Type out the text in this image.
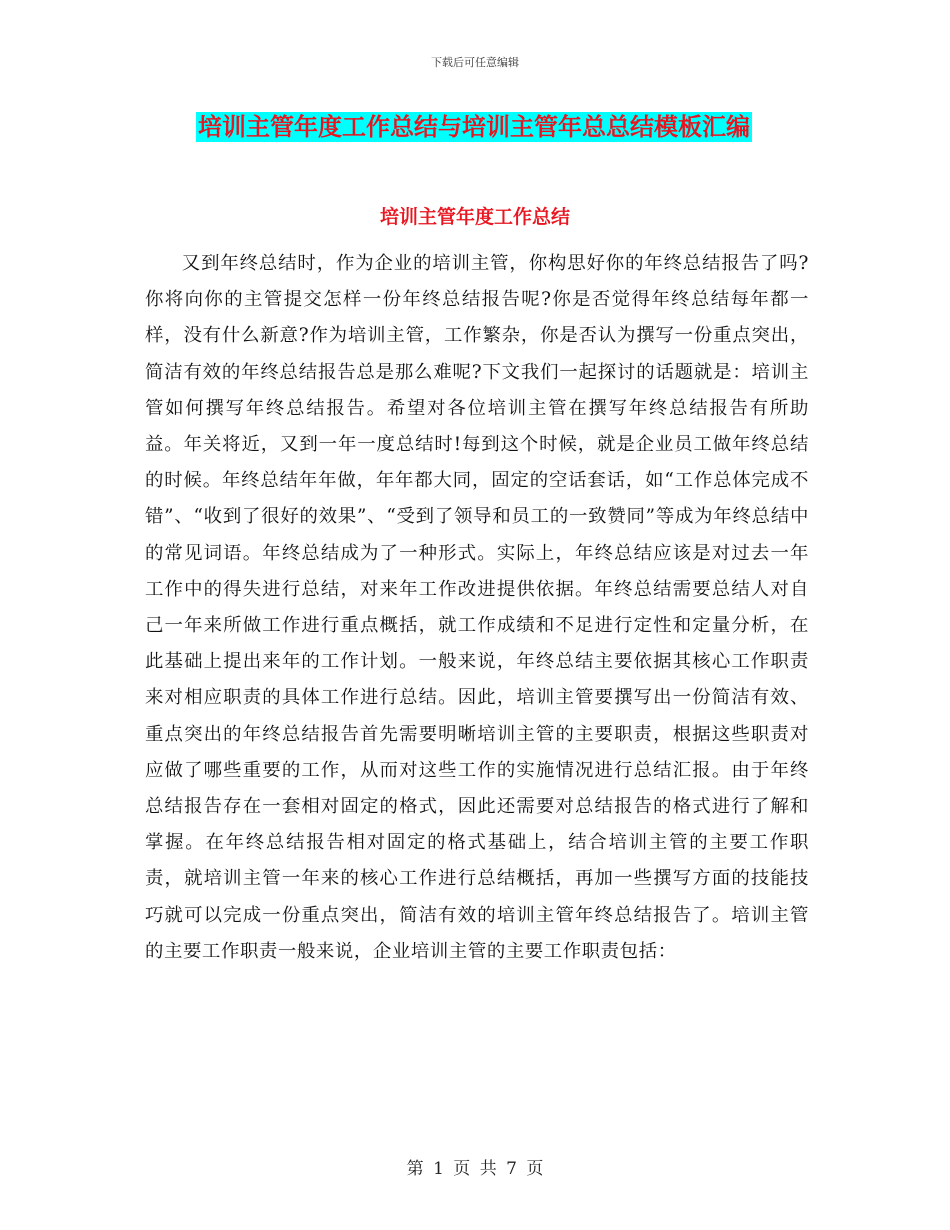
下载后可任意编辑
培训主管年度工作总结与培训主管年总总结模板汇编
培训主管年度工作总结

又到年终总结时，作为企业的培训主管，你构思好你的年终总结报告了吗?你将向你的主管提交怎样一份年终总结报告呢?你是否觉得年终总结每年都一样，没有什么新意?作为培训主管，工作繁杂，你是否认为撰写一份重点突出，简洁有效的年终总结报告总是那么难呢?下文我们一起探讨的话题就是：培训主管如何撰写年终总结报告。希望对各位培训主管在撰写年终总结报告有所助益。年关将近，又到一年一度总结时!每到这个时候，就是企业员工做年终总结的时候。年终总结年年做，年年都大同，固定的空话套话，如“工作总体完成不错”、“收到了很好的效果”、“受到了领导和员工的一致赞同”等成为年终总结中的常见词语。年终总结成为了一种形式。实际上，年终总结应该是对过去一年工作中的得失进行总结，对来年工作改进提供依据。年终总结需要总结人对自己一年来所做工作进行重点概括，就工作成绩和不足进行定性和定量分析，在此基础上提出来年的工作计划。一般来说，年终总结主要依据其核心工作职责来对相应职责的具体工作进行总结。因此，培训主管要撰写出一份简洁有效、重点突出的年终总结报告首先需要明晰培训主管的主要职责，根据这些职责对应做了哪些重要的工作，从而对这些工作的实施情况进行总结汇报。由于年终总结报告存在一套相对固定的格式，因此还需要对总结报告的格式进行了解和掌握。在年终总结报告相对固定的格式基础上，结合培训主管的主要工作职责，就培训主管一年来的核心工作进行总结概括，再加一些撰写方面的技能技巧就可以完成一份重点突出，简洁有效的培训主管年终总结报告了。培训主管的主要工作职责一般来说，企业培训主管的主要工作职责包括：

第 1 页 共 7 页
